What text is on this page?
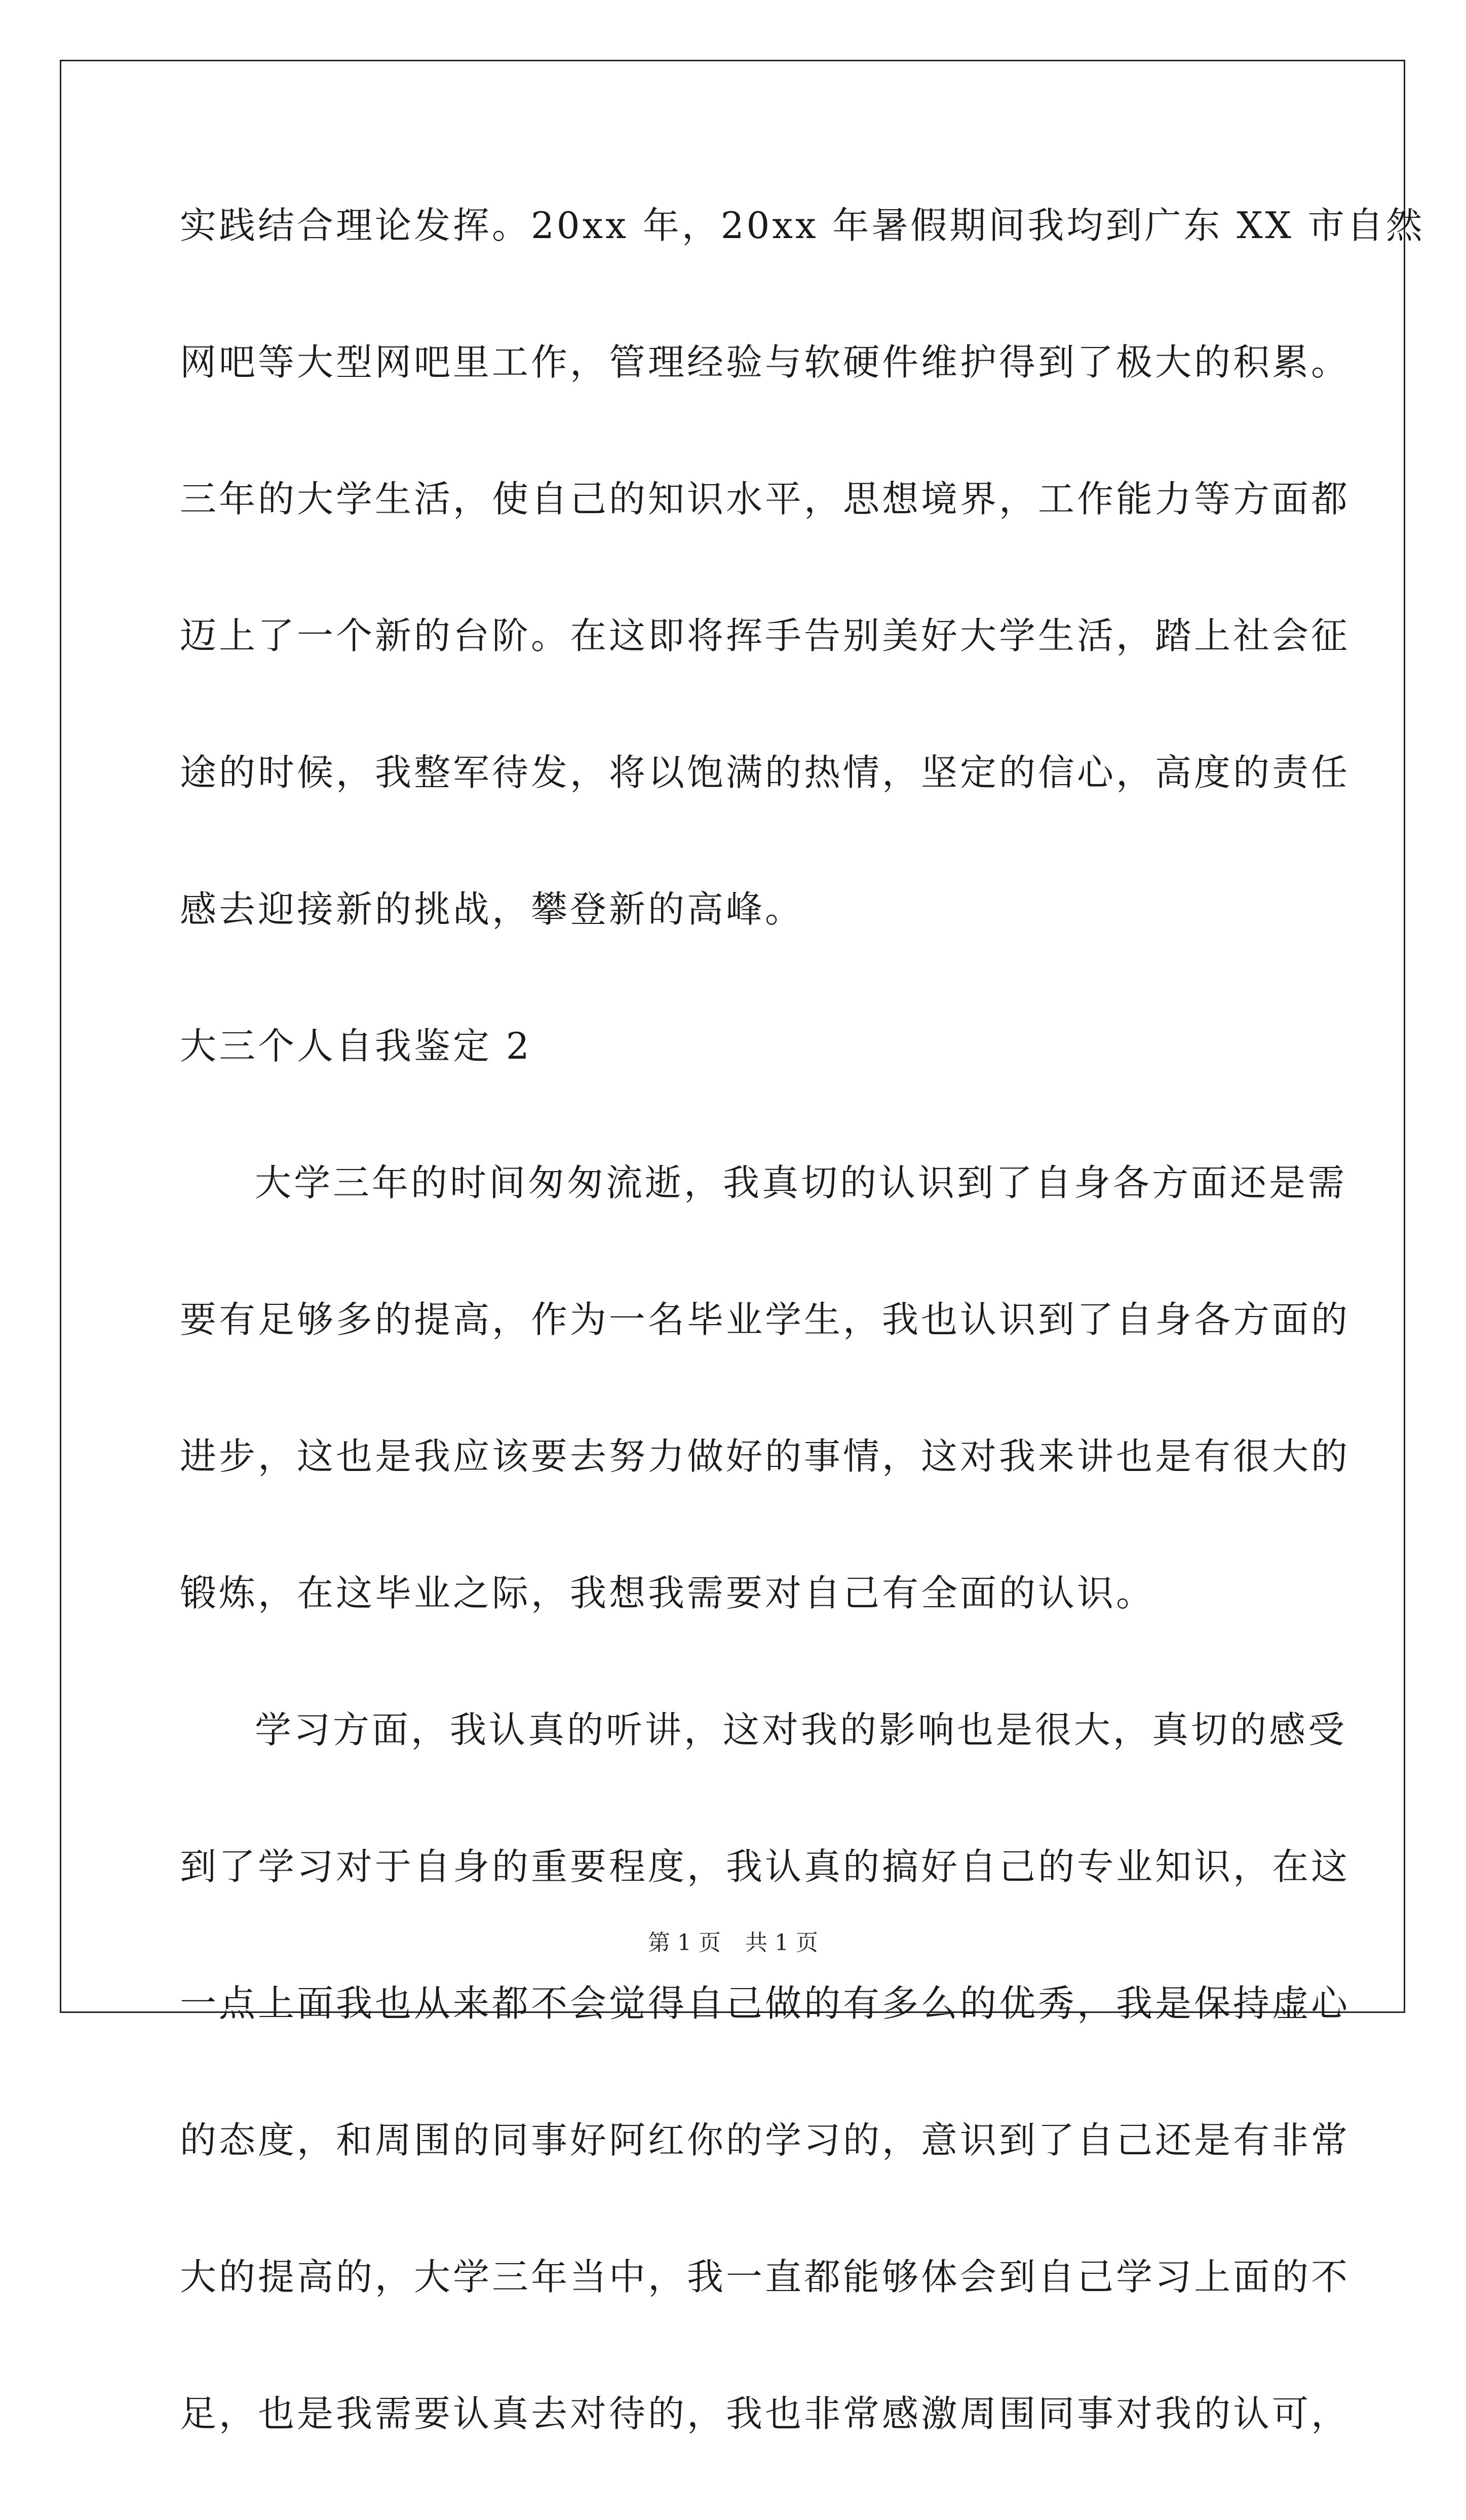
实践结合理论发挥。20xx 年，20xx 年暑假期间我均到广东 XX 市自然
网吧等大型网吧里工作，管理经验与软硬件维护得到了极大的积累。
三年的大学生活，使自己的知识水平，思想境界，工作能力等方面都
迈上了一个新的台阶。在这即将挥手告别美好大学生活，踏上社会征
途的时候，我整军待发，将以饱满的热情，坚定的信心，高度的责任
感去迎接新的挑战，攀登新的高峰。
大三个人自我鉴定 2
大学三年的时间匆匆流逝，我真切的认识到了自身各方面还是需
要有足够多的提高，作为一名毕业学生，我也认识到了自身各方面的
进步，这也是我应该要去努力做好的事情，这对我来讲也是有很大的
锻炼，在这毕业之际，我想我需要对自己有全面的认识。
学习方面，我认真的听讲，这对我的影响也是很大，真切的感受
到了学习对于自身的重要程度，我认真的搞好自己的专业知识，在这
一点上面我也从来都不会觉得自己做的有多么的优秀，我是保持虚心
的态度，和周围的同事好阿红你的学习的，意识到了自己还是有非常
大的提高的，大学三年当中，我一直都能够体会到自己学习上面的不
足，也是我需要认真去对待的，我也非常感激周围同事对我的认可，
第 1 页 共 1 页
